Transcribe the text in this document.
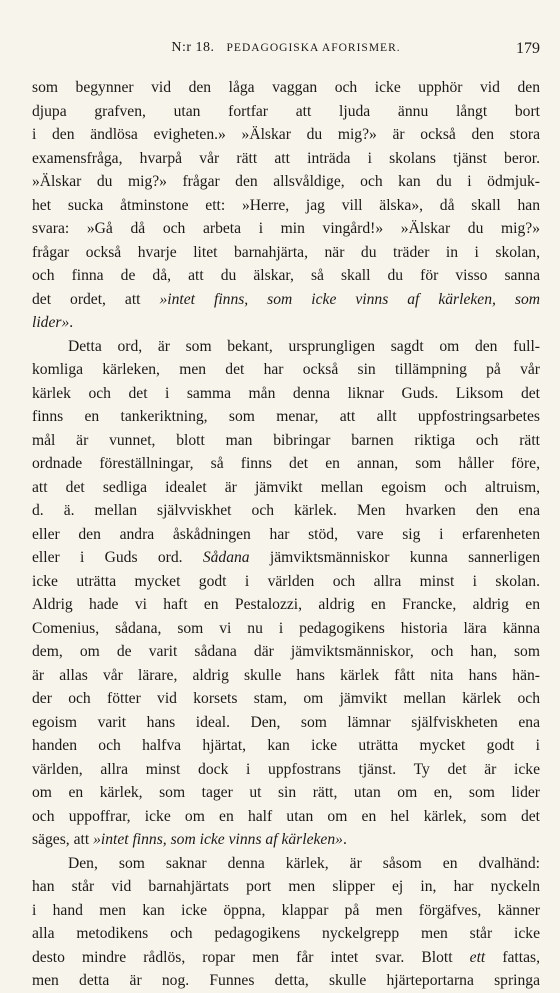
N:r 18. PEDAGOGISKA AFORISMER.	179
som begynner vid den låga vaggan och icke upphör vid den
djupa grafven, utan fortfar att ljuda ännu långt bort
i den ändlösa evigheten.» »Älskar du mig?» är också den stora
examensfråga, hvarpå vår rätt att inträda i skolans tjänst beror.
»Älskar du mig?» frågar den allsvåldige, och kan du i ödmjuk-
het sucka åtminstone ett: »Herre, jag vill älska», då skall han
svara: »Gå då och arbeta i min vingård!» »Älskar du mig?»
frågar också hvarje litet barnahjärta, när du träder in i skolan,
och finna de då, att du älskar, så skall du för visso sanna
det ordet, att »intet finns, som icke vinns af kärleken, som
lider».
Detta ord, är som bekant, ursprungligen sagdt om den full-
komliga kärleken, men det har också sin tillämpning på vår
kärlek och det i samma mån denna liknar Guds. Liksom det
finns en tankeriktning, som menar, att allt uppfostringsarbetes
mål är vunnet, blott man bibringar barnen riktiga och rätt
ordnade föreställningar, så finns det en annan, som håller före,
att det sedliga idealet är jämvikt mellan egoism och altruism,
d. ä. mellan självviskhet och kärlek. Men hvarken den ena
eller den andra åskådningen har stöd, vare sig i erfarenheten
eller i Guds ord. Sådana jämviktsmänniskor kunna sannerligen
icke uträtta mycket godt i världen och allra minst i skolan.
Aldrig hade vi haft en Pestalozzi, aldrig en Francke, aldrig en
Comenius, sådana, som vi nu i pedagogikens historia lära känna
dem, om de varit sådana där jämviktsmänniskor, och han, som
är allas vår lärare, aldrig skulle hans kärlek fått nita hans hän-
der och fötter vid korsets stam, om jämvikt mellan kärlek och
egoism varit hans ideal. Den, som lämnar själfviskheten ena
handen och halfva hjärtat, kan icke uträtta mycket godt i
världen, allra minst dock i uppfostrans tjänst. Ty det är icke
om en kärlek, som tager ut sin rätt, utan om en, som lider
och uppoffrar, icke om en half utan om en hel kärlek, som det
säges, att »intet finns, som icke vinns af kärleken».
Den, som saknar denna kärlek, är såsom en dvalhänd:
han står vid barnahjärtats port men slipper ej in, har nyckeln
i hand men kan icke öppna, klappar på men förgäfves, känner
alla metodikens och pedagogikens nyckelgrepp men står icke
desto mindre rådlös, ropar men får intet svar. Blott ett fattas,
men detta är nog. Funnes detta, skulle hjärteportarna springa
